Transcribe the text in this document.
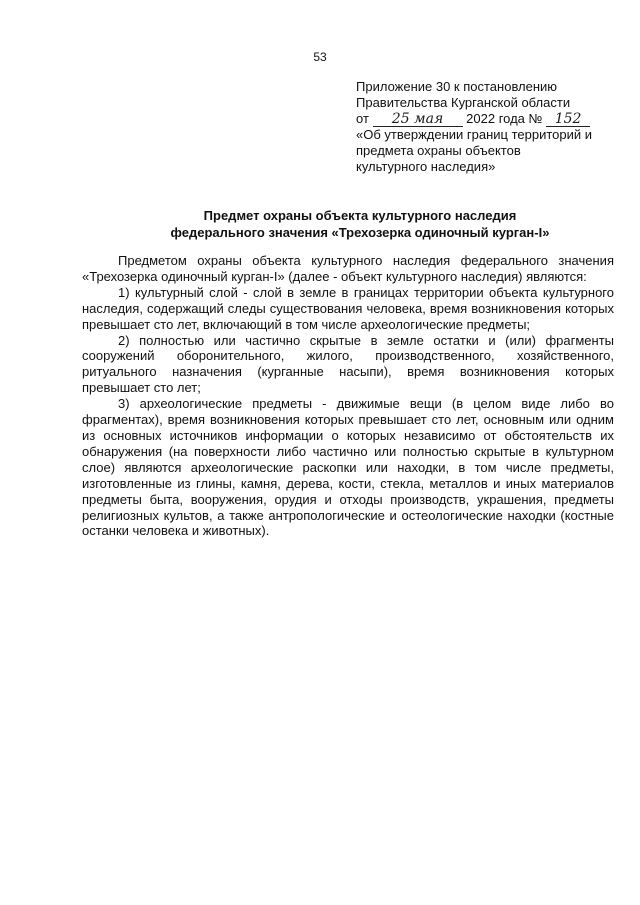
53
Приложение 30 к постановлению
Правительства Курганской области
от 25 мая 2022 года № 152
«Об утверждении границ территорий и
предмета охраны объектов
культурного наследия»
Предмет охраны объекта культурного наследия
федерального значения «Трехозерка одиночный курган-I»

Предметом охраны объекта культурного наследия федерального значения «Трехозерка одиночный курган-I» (далее - объект культурного наследия) являются:

1) культурный слой - слой в земле в границах территории объекта культурного наследия, содержащий следы существования человека, время возникновения которых превышает сто лет, включающий в том числе археологические предметы;

2) полностью или частично скрытые в земле остатки и (или) фрагменты сооружений оборонительного, жилого, производственного, хозяйственного, ритуального назначения (курганные насыпи), время возникновения которых превышает сто лет;

3) археологические предметы - движимые вещи (в целом виде либо во фрагментах), время возникновения которых превышает сто лет, основным или одним из основных источников информации о которых независимо от обстоятельств их обнаружения (на поверхности либо частично или полностью скрытые в культурном слое) являются археологические раскопки или находки, в том числе предметы, изготовленные из глины, камня, дерева, кости, стекла, металлов и иных материалов предметы быта, вооружения, орудия и отходы производств, украшения, предметы религиозных культов, а также антропологические и остеологические находки (костные останки человека и животных).
